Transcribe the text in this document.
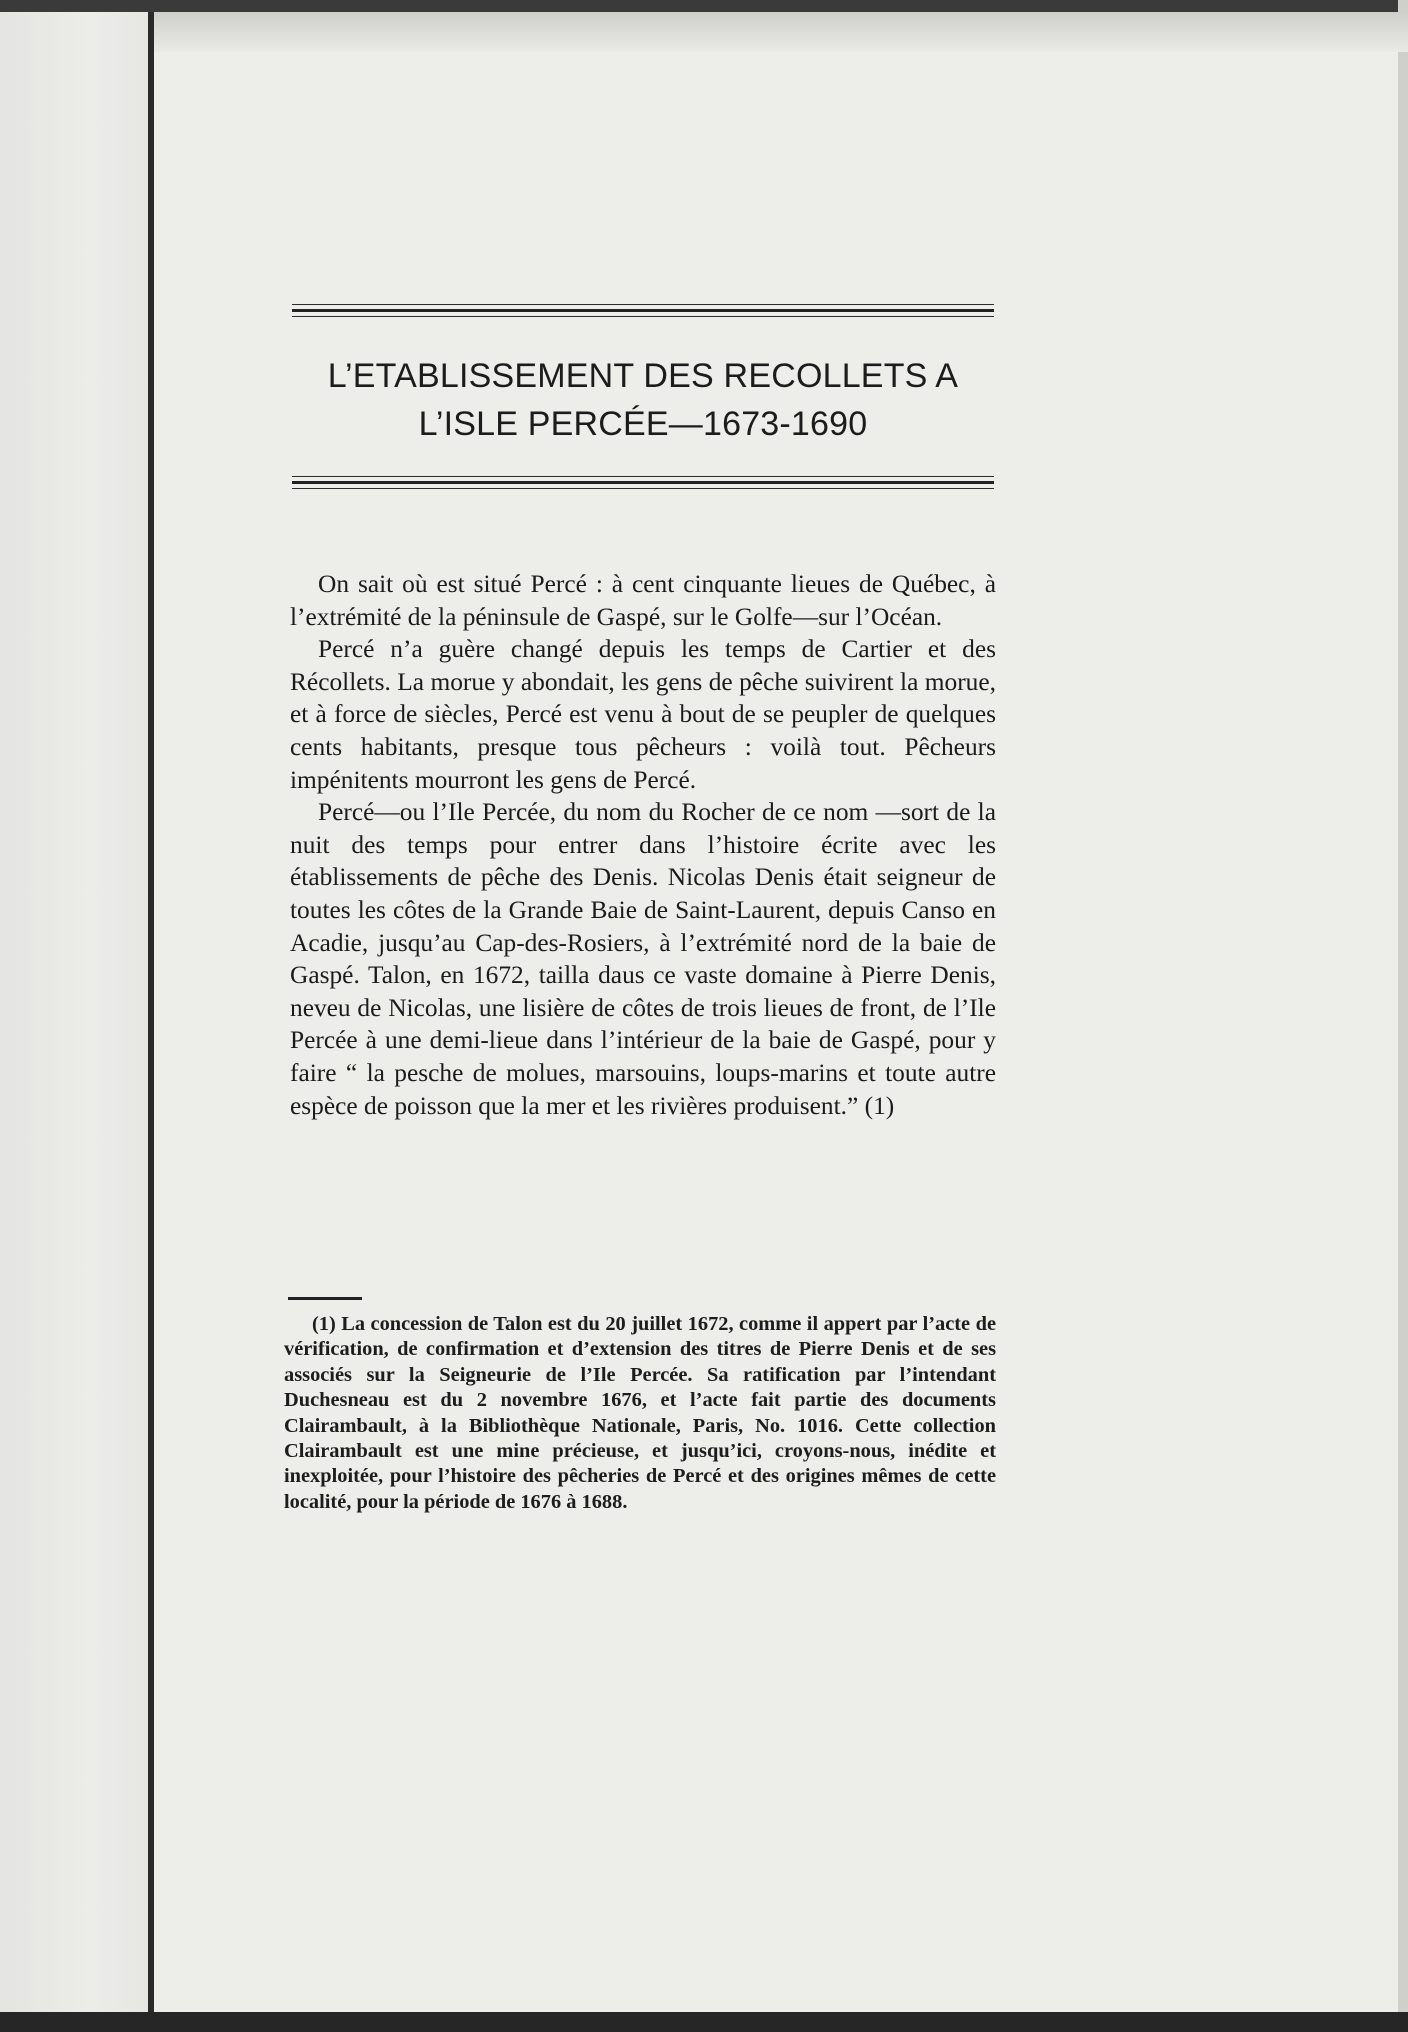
L’ETABLISSEMENT DES RECOLLETS A
L’ISLE PERCÉE—1673-1690

On sait où est situé Percé : à cent cinquante lieues de Québec, à l’extrémité de la péninsule de Gaspé, sur le Golfe—sur l’Océan.

Percé n’a guère changé depuis les temps de Cartier et des Récollets. La morue y abondait, les gens de pêche suivirent la morue, et à force de siècles, Percé est venu à bout de se peupler de quelques cents habitants, presque tous pêcheurs : voilà tout. Pêcheurs impénitents mourront les gens de Percé.

Percé—ou l’Ile Percée, du nom du Rocher de ce nom —sort de la nuit des temps pour entrer dans l’histoire écrite avec les établissements de pêche des Denis. Nicolas Denis était seigneur de toutes les côtes de la Grande Baie de Saint-Laurent, depuis Canso en Acadie, jusqu’au Cap-des-Rosiers, à l’extrémité nord de la baie de Gaspé. Talon, en 1672, tailla daus ce vaste domaine à Pierre Denis, neveu de Nicolas, une lisière de côtes de trois lieues de front, de l’Ile Percée à une demi-lieue dans l’intérieur de la baie de Gaspé, pour y faire “ la pesche de molues, marsouins, loups-marins et toute autre espèce de poisson que la mer et les rivières produisent.” (1)

(1) La concession de Talon est du 20 juillet 1672, comme il appert par l’acte de vérification, de confirmation et d’extension des titres de Pierre Denis et de ses associés sur la Seigneurie de l’Ile Percée. Sa ratification par l’intendant Duchesneau est du 2 novembre 1676, et l’acte fait partie des documents Clairambault, à la Bibliothèque Nationale, Paris, No. 1016. Cette collection Clairambault est une mine précieuse, et jusqu’ici, croyons-nous, inédite et inexploitée, pour l’histoire des pêcheries de Percé et des origines mêmes de cette localité, pour la période de 1676 à 1688.
